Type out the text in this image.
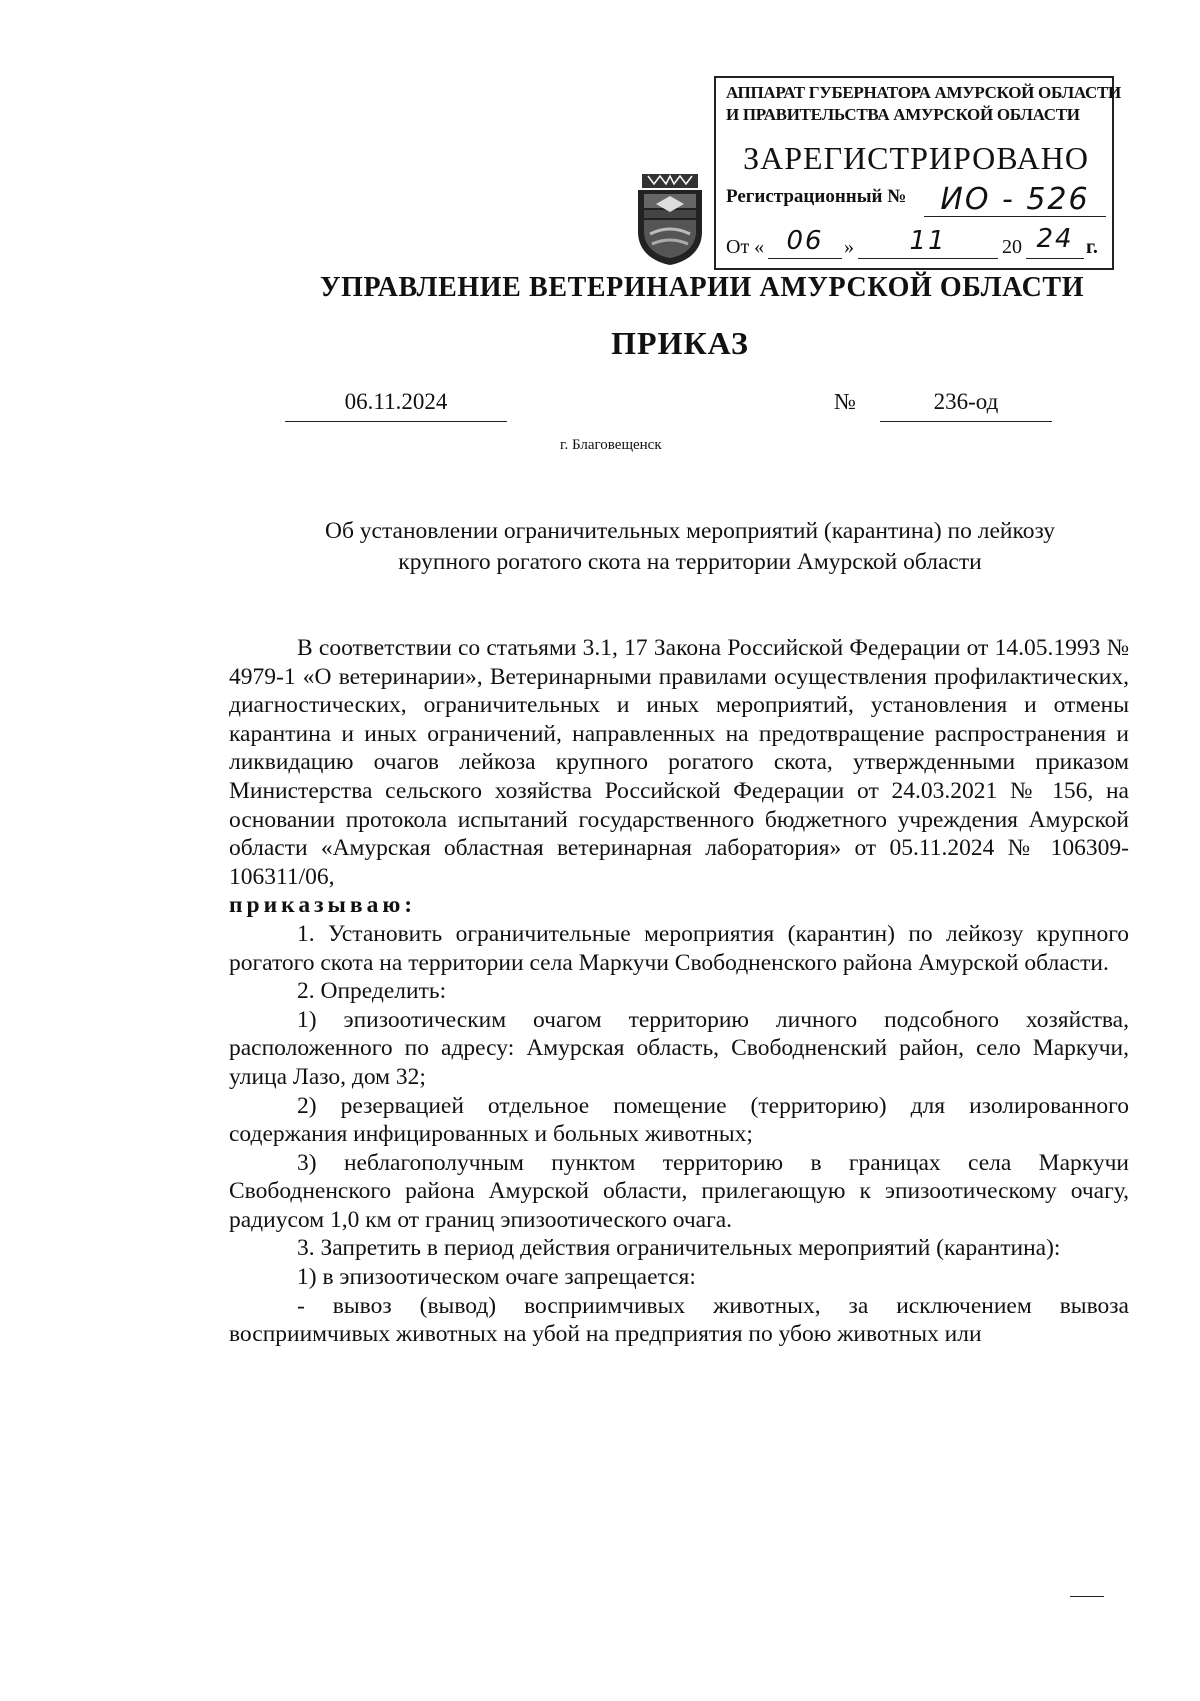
АППАРАТ ГУБЕРНАТОРА АМУРСКОЙ ОБЛАСТИ
И ПРАВИТЕЛЬСТВА АМУРСКОЙ ОБЛАСТИ
ЗАРЕГИСТРИРОВАНО
Регистрационный №	ИО - 526
От « 06	»	11	20 24 г.
УПРАВЛЕНИЕ ВЕТЕРИНАРИИ АМУРСКОЙ ОБЛАСТИ
ПРИКАЗ
06.11.2024	№	236-од
г. Благовещенск
Об установлении ограничительных мероприятий (карантина) по лейкозу
крупного рогатого скота на территории Амурской области

В соответствии со статьями 3.1, 17 Закона Российской Федерации от 14.05.1993 № 4979-1 «О ветеринарии», Ветеринарными правилами осуществления профилактических, диагностических, ограничительных и иных мероприятий, установления и отмены карантина и иных ограничений, направленных на предотвращение распространения и ликвидацию очагов лейкоза крупного рогатого скота, утвержденными приказом Министерства сельского хозяйства Российской Федерации от 24.03.2021 № 156, на основании протокола испытаний государственного бюджетного учреждения Амурской области «Амурская областная ветеринарная лаборатория» от 05.11.2024 № 106309-106311/06,

приказываю:

1. Установить ограничительные мероприятия (карантин) по лейкозу крупного рогатого скота на территории села Маркучи Свободненского района Амурской области.

2. Определить:

1) эпизоотическим очагом территорию личного подсобного хозяйства, расположенного по адресу: Амурская область, Свободненский район, село Маркучи, улица Лазо, дом 32;

2) резервацией отдельное помещение (территорию) для изолированного содержания инфицированных и больных животных;

3) неблагополучным пунктом территорию в границах села Маркучи Свободненского района Амурской области, прилегающую к эпизоотическому очагу, радиусом 1,0 км от границ эпизоотического очага.

3. Запретить в период действия ограничительных мероприятий (карантина):

1) в эпизоотическом очаге запрещается:

- вывоз (вывод) восприимчивых животных, за исключением вывоза восприимчивых животных на убой на предприятия по убою животных или
